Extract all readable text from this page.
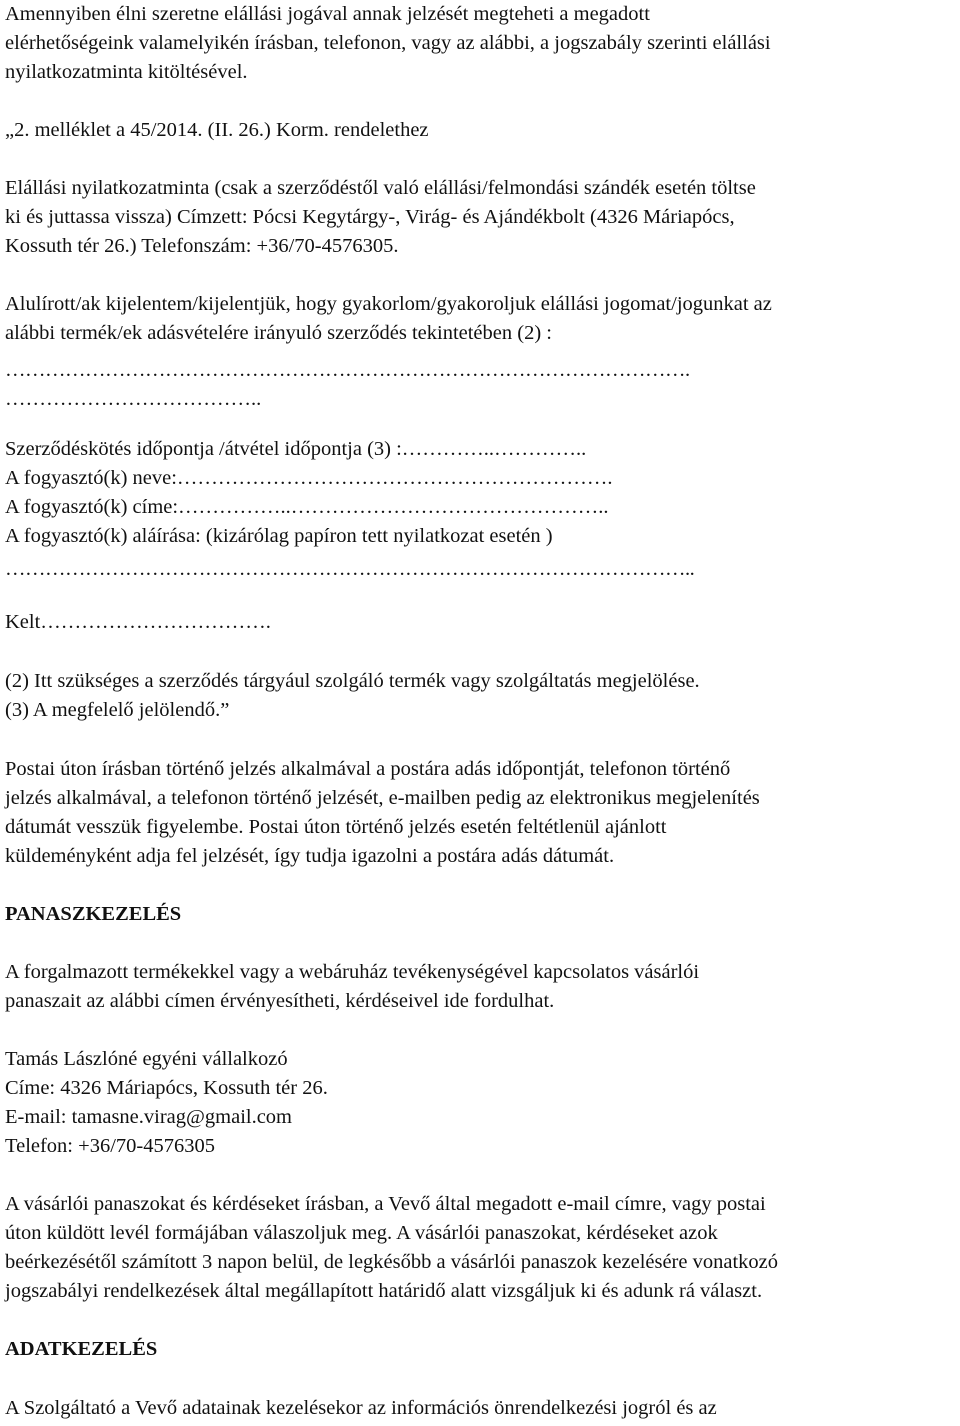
Amennyiben élni szeretne elállási jogával annak jelzését megteheti a megadott
elérhetőségeink valamelyikén írásban, telefonon, vagy az alábbi, a jogszabály szerinti elállási
nyilatkozatminta kitöltésével.
„2. melléklet a 45/2014. (II. 26.) Korm. rendelethez
Elállási nyilatkozatminta (csak a szerződéstől való elállási/felmondási szándék esetén töltse
ki és juttassa vissza) Címzett: Pócsi Kegytárgy-, Virág- és Ajándékbolt (4326 Máriapócs,
Kossuth tér 26.) Telefonszám: +36/70-4576305.
Alulírott/ak kijelentem/kijelentjük, hogy gyakorlom/gyakoroljuk elállási jogomat/jogunkat az
alábbi termék/ek adásvételére irányuló szerződés tekintetében (2) :
………………………………………………………………………………………….
………………………………..
Szerződéskötés időpontja /átvétel időpontja (3) :…………..…………..
A fogyasztó(k) neve:……………………………………………………….
A fogyasztó(k) címe:……………..………………………………………..
A fogyasztó(k) aláírása: (kizárólag papíron tett nyilatkozat esetén )
…………………………………………………………………………………………..
Kelt…………………………….
(2) Itt szükséges a szerződés tárgyául szolgáló termék vagy szolgáltatás megjelölése.
(3) A megfelelő jelölendő.”
Postai úton írásban történő jelzés alkalmával a postára adás időpontját, telefonon történő
jelzés alkalmával, a telefonon történő jelzését, e-mailben pedig az elektronikus megjelenítés
dátumát vesszük figyelembe. Postai úton történő jelzés esetén feltétlenül ajánlott
küldeményként adja fel jelzését, így tudja igazolni a postára adás dátumát.
PANASZKEZELÉS
A forgalmazott termékekkel vagy a webáruház tevékenységével kapcsolatos vásárlói
panaszait az alábbi címen érvényesítheti, kérdéseivel ide fordulhat.
Tamás Lászlóné egyéni vállalkozó
Címe: 4326 Máriapócs, Kossuth tér 26.
E-mail: tamasne.virag@gmail.com
Telefon: +36/70-4576305
A vásárlói panaszokat és kérdéseket írásban, a Vevő által megadott e-mail címre, vagy postai
úton küldött levél formájában válaszoljuk meg. A vásárlói panaszokat, kérdéseket azok
beérkezésétől számított 3 napon belül, de legkésőbb a vásárlói panaszok kezelésére vonatkozó
jogszabályi rendelkezések által megállapított határidő alatt vizsgáljuk ki és adunk rá választ.
ADATKEZELÉS
A Szolgáltató a Vevő adatainak kezelésekor az információs önrendelkezési jogról és az
